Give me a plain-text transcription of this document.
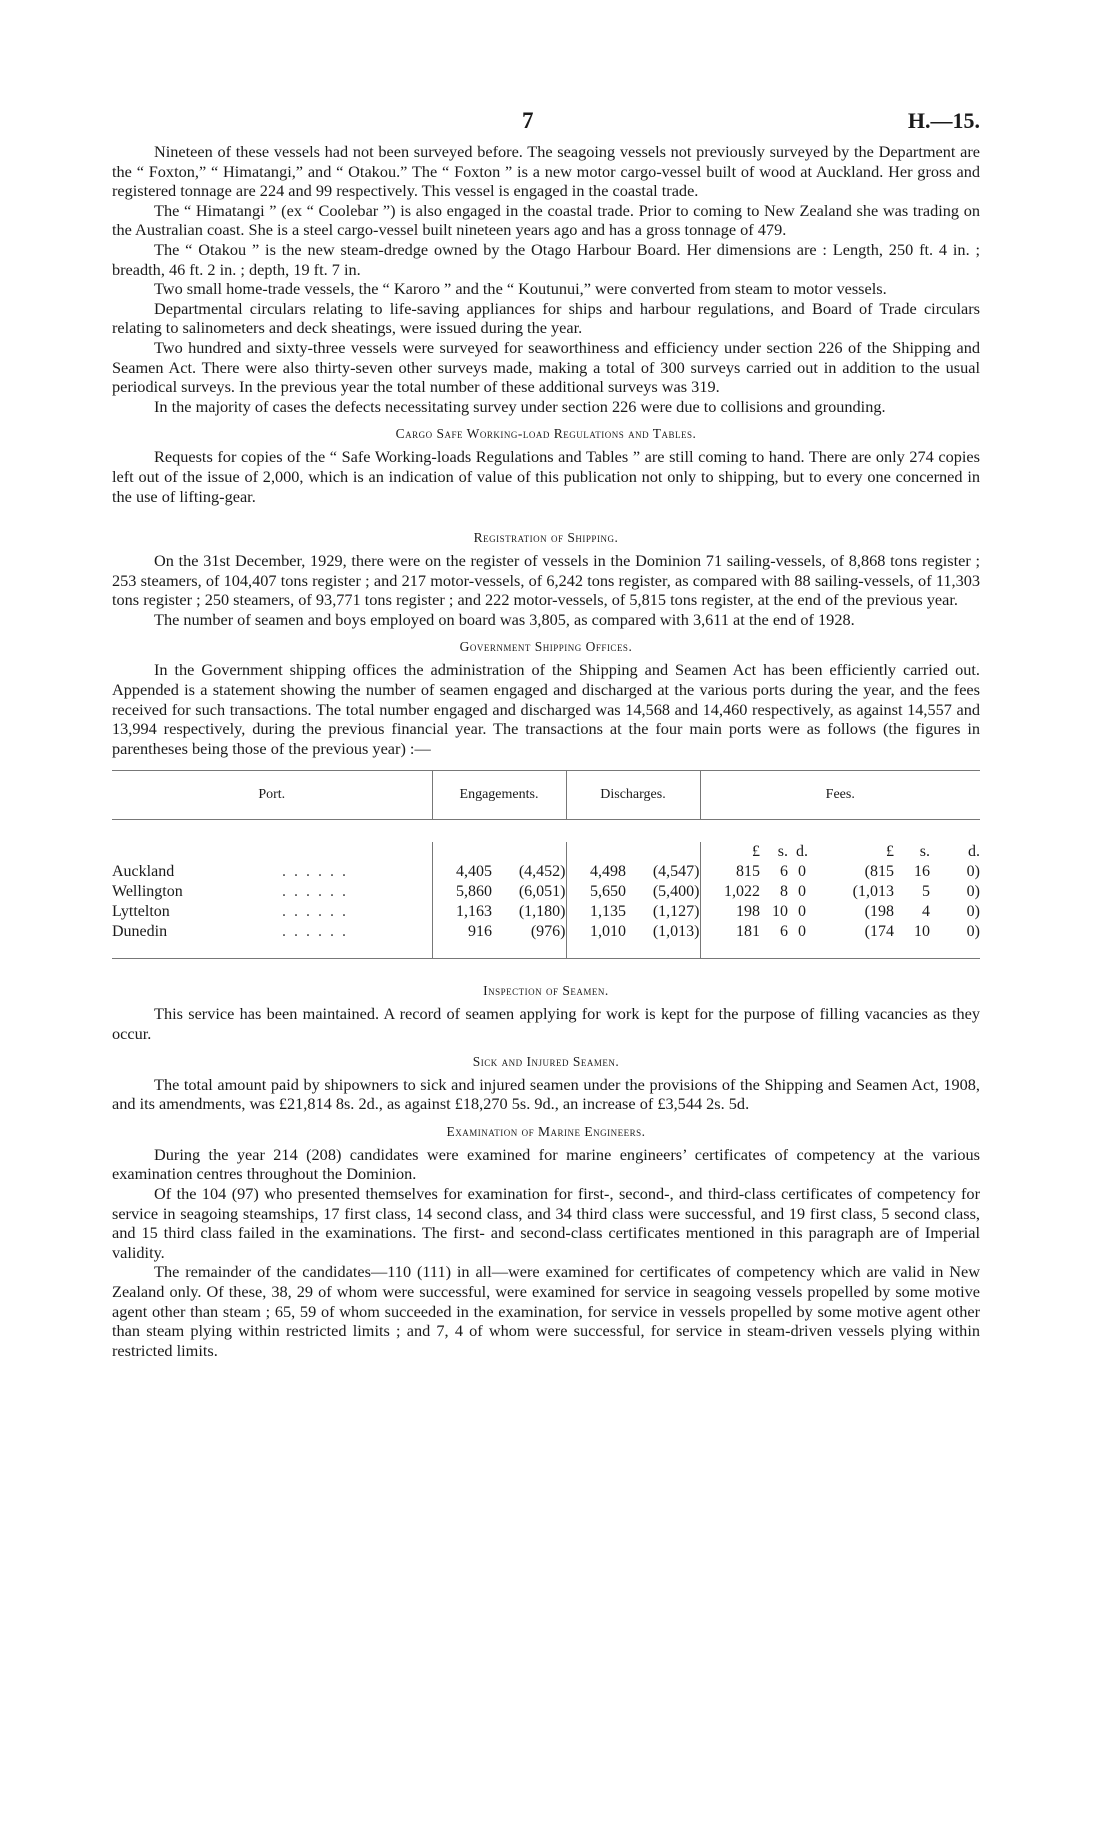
7	H.—15.

Nineteen of these vessels had not been surveyed before. The seagoing vessels not previously surveyed by the Department are the “ Foxton,” “ Himatangi,” and “ Otakou.” The “ Foxton ” is a new motor cargo-vessel built of wood at Auckland. Her gross and registered tonnage are 224 and 99 respectively. This vessel is engaged in the coastal trade.

The “ Himatangi ” (ex “ Coolebar ”) is also engaged in the coastal trade. Prior to coming to New Zealand she was trading on the Australian coast. She is a steel cargo-vessel built nineteen years ago and has a gross tonnage of 479.

The “ Otakou ” is the new steam-dredge owned by the Otago Harbour Board. Her dimensions are : Length, 250 ft. 4 in. ; breadth, 46 ft. 2 in. ; depth, 19 ft. 7 in.

Two small home-trade vessels, the “ Karoro ” and the “ Koutunui,” were converted from steam to motor vessels.

Departmental circulars relating to life-saving appliances for ships and harbour regulations, and Board of Trade circulars relating to salinometers and deck sheatings, were issued during the year.

Two hundred and sixty-three vessels were surveyed for seaworthiness and efficiency under section 226 of the Shipping and Seamen Act. There were also thirty-seven other surveys made, making a total of 300 surveys carried out in addition to the usual periodical surveys. In the previous year the total number of these additional surveys was 319.

In the majority of cases the defects necessitating survey under section 226 were due to collisions and grounding.

Cargo Safe Working-load Regulations and Tables.

Requests for copies of the “ Safe Working-loads Regulations and Tables ” are still coming to hand. There are only 274 copies left out of the issue of 2,000, which is an indication of value of this publication not only to shipping, but to every one concerned in the use of lifting-gear.

Registration of Shipping.

On the 31st December, 1929, there were on the register of vessels in the Dominion 71 sailing-vessels, of 8,868 tons register ; 253 steamers, of 104,407 tons register ; and 217 motor-vessels, of 6,242 tons register, as compared with 88 sailing-vessels, of 11,303 tons register ; 250 steamers, of 93,771 tons register ; and 222 motor-vessels, of 5,815 tons register, at the end of the previous year.

The number of seamen and boys employed on board was 3,805, as compared with 3,611 at the end of 1928.

Government Shipping Offices.

In the Government shipping offices the administration of the Shipping and Seamen Act has been efficiently carried out. Appended is a statement showing the number of seamen engaged and discharged at the various ports during the year, and the fees received for such transactions. The total number engaged and discharged was 14,568 and 14,460 respectively, as against 14,557 and 13,994 respectively, during the previous financial year. The transactions at the four main ports were as follows (the figures in parentheses being those of the previous year) :—

Port.		Engagements.		Discharges.		Fees.					

						£	s.	d.	£	s.	d.
Auckland	. . . . . .	4,405	(4,452)	4,498	(4,547)	815	6	0	(815	16	0)
Wellington	. . . . . .	5,860	(6,051)	5,650	(5,400)	1,022	8	0	(1,013	5	0)
Lyttelton	. . . . . .	1,163	(1,180)	1,135	(1,127)	198	10	0	(198	4	0)
Dunedin	. . . . . .	916	(976)	1,010	(1,013)	181	6	0	(174	10	0)

Inspection of Seamen.

This service has been maintained. A record of seamen applying for work is kept for the purpose of filling vacancies as they occur.

Sick and Injured Seamen.

The total amount paid by shipowners to sick and injured seamen under the provisions of the Shipping and Seamen Act, 1908, and its amendments, was £21,814 8s. 2d., as against £18,270 5s. 9d., an increase of £3,544 2s. 5d.

Examination of Marine Engineers.

During the year 214 (208) candidates were examined for marine engineers’ certificates of competency at the various examination centres throughout the Dominion.

Of the 104 (97) who presented themselves for examination for first-, second-, and third-class certificates of competency for service in seagoing steamships, 17 first class, 14 second class, and 34 third class were successful, and 19 first class, 5 second class, and 15 third class failed in the examinations. The first- and second-class certificates mentioned in this paragraph are of Imperial validity.

The remainder of the candidates—110 (111) in all—were examined for certificates of competency which are valid in New Zealand only. Of these, 38, 29 of whom were successful, were examined for service in seagoing vessels propelled by some motive agent other than steam ; 65, 59 of whom succeeded in the examination, for service in vessels propelled by some motive agent other than steam plying within restricted limits ; and 7, 4 of whom were successful, for service in steam-driven vessels plying within restricted limits.
